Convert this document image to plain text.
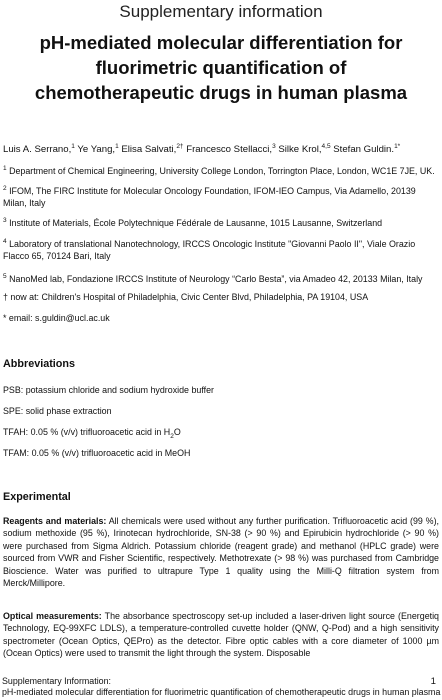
Supplementary information
pH-mediated molecular differentiation for fluorimetric quantification of chemotherapeutic drugs in human plasma
Luis A. Serrano,$^1$ Ye Yang,$^1$ Elisa Salvati,$^{2\dagger}$ Francesco Stellacci,$^3$ Silke Krol,$^{4,5}$ Stefan Guldin.$^{1*}$
$^1$ Department of Chemical Engineering, University College London, Torrington Place, London, WC1E 7JE, UK.
$^2$ IFOM, The FIRC Institute for Molecular Oncology Foundation, IFOM-IEO Campus, Via Adamello, 20139 Milan, Italy
$^3$ Institute of Materials, École Polytechnique Fédérale de Lausanne, 1015 Lausanne, Switzerland
$^4$ Laboratory of translational Nanotechnology, IRCCS Oncologic Institute "Giovanni Paolo II", Viale Orazio Flacco 65, 70124 Bari, Italy
$^5$ NanoMed lab, Fondazione IRCCS Institute of Neurology “Carlo Besta”, via Amadeo 42, 20133 Milan, Italy
† now at: Children's Hospital of Philadelphia, Civic Center Blvd, Philadelphia, PA 19104, USA
* email: s.guldin@ucl.ac.uk
Abbreviations
PSB: potassium chloride and sodium hydroxide buffer
SPE: solid phase extraction
TFAH: 0.05 % (v/v) trifluoroacetic acid in $H_2O$
TFAM: 0.05 % (v/v) trifluoroacetic acid in MeOH
Experimental
Reagents and materials: All chemicals were used without any further purification. Trifluoroacetic acid (99 %), sodium methoxide (95 %), Irinotecan hydrochloride, SN-38 (> 90 %) and Epirubicin hydrochloride (> 90 %) were purchased from Sigma Aldrich. Potassium chloride (reagent grade) and methanol (HPLC grade) were sourced from VWR and Fisher Scientific, respectively. Methotrexate (> 98 %) was purchased from Cambridge Bioscience. Water was purified to ultrapure Type 1 quality using the Milli-Q filtration system from Merck/Millipore.
Optical measurements: The absorbance spectroscopy set-up included a laser-driven light source (Energetiq Technology, EQ-99XFC LDLS), a temperature-controlled cuvette holder (QNW, Q-Pod) and a high sensitivity spectrometer (Ocean Optics, QEPro) as the detector. Fibre optic cables with a core diameter of 1000 µm (Ocean Optics) were used to transmit the light through the system. Disposable
Supplementary Information:
pH-mediated molecular differentiation for fluorimetric quantification of chemotherapeutic drugs in human plasma
1
